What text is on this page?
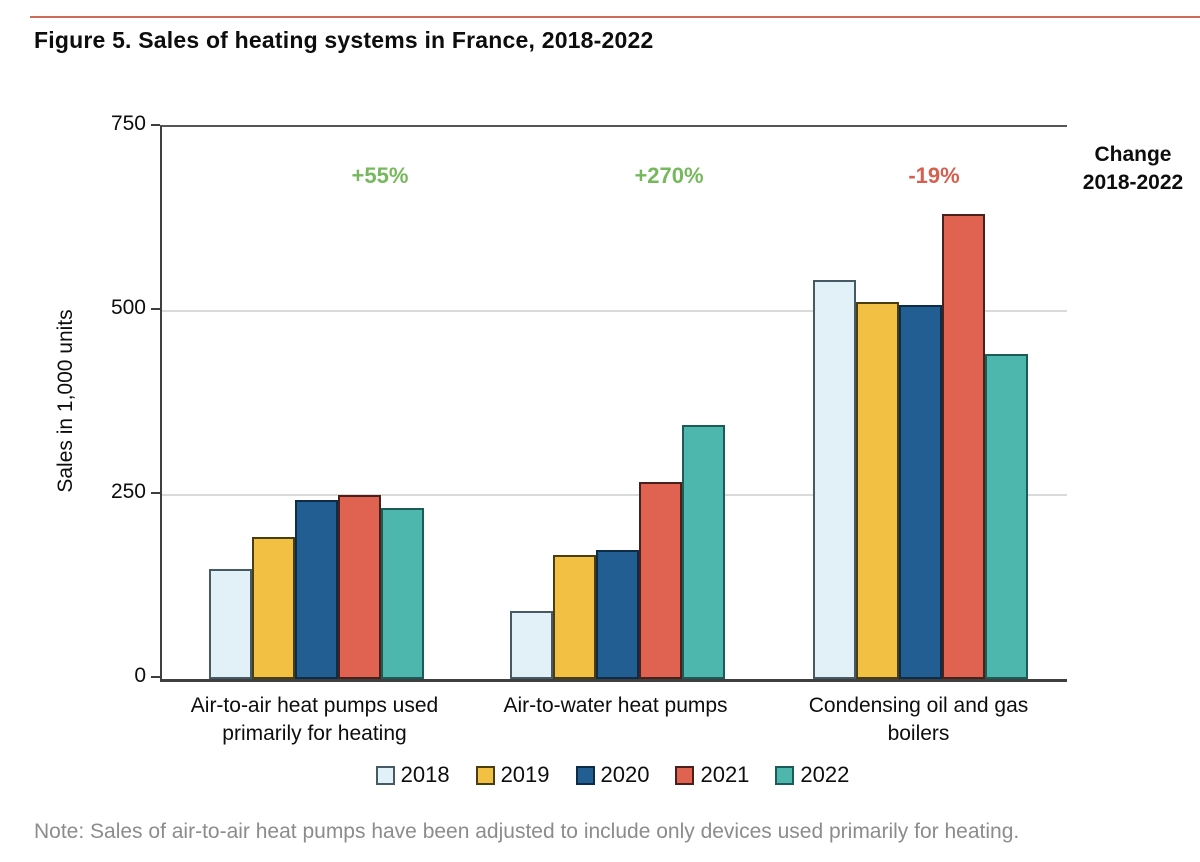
Figure 5. Sales of heating systems in France, 2018-2022
Sales in 1,000 units
+55%	+270%	-19%
Change
2018-2022
2018 2019 2020 2021 2022
Note: Sales of air-to-air heat pumps have been adjusted to include only devices used primarily for heating.
750
500
250
0
Air-to-air heat pumps used
primarily for heating
Air-to-water heat pumps	Condensing oil and gas
boilers
